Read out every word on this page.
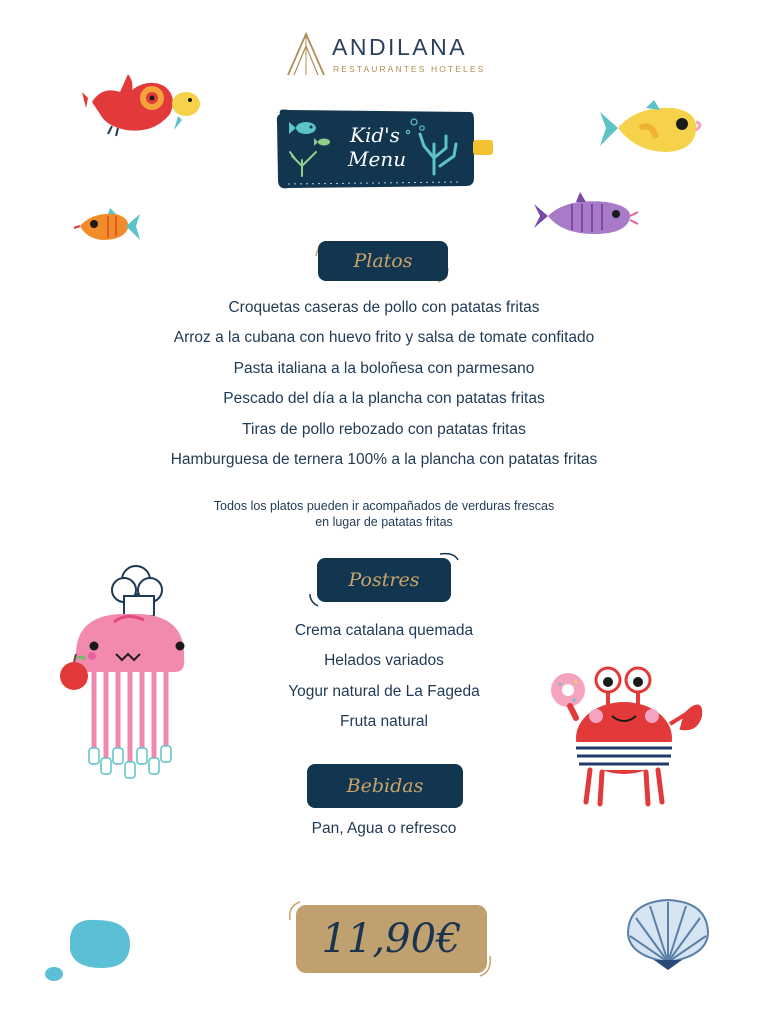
ANDILANA
RESTAURANTES HOTELES
Kid's
Menu
Platos
Croquetas caseras de pollo con patatas fritas
Arroz a la cubana con huevo frito y salsa de tomate confitado
Pasta italiana a la boloñesa con parmesano
Pescado del día a la plancha con patatas fritas
Tiras de pollo rebozado con patatas fritas
Hamburguesa de ternera 100% a la plancha con patatas fritas
Todos los platos pueden ir acompañados de verduras frescas
en lugar de patatas fritas
Postres
Crema catalana quemada
Helados variados
Yogur natural de La Fageda
Fruta natural
Bebidas
Pan, Agua o refresco
11,90€
